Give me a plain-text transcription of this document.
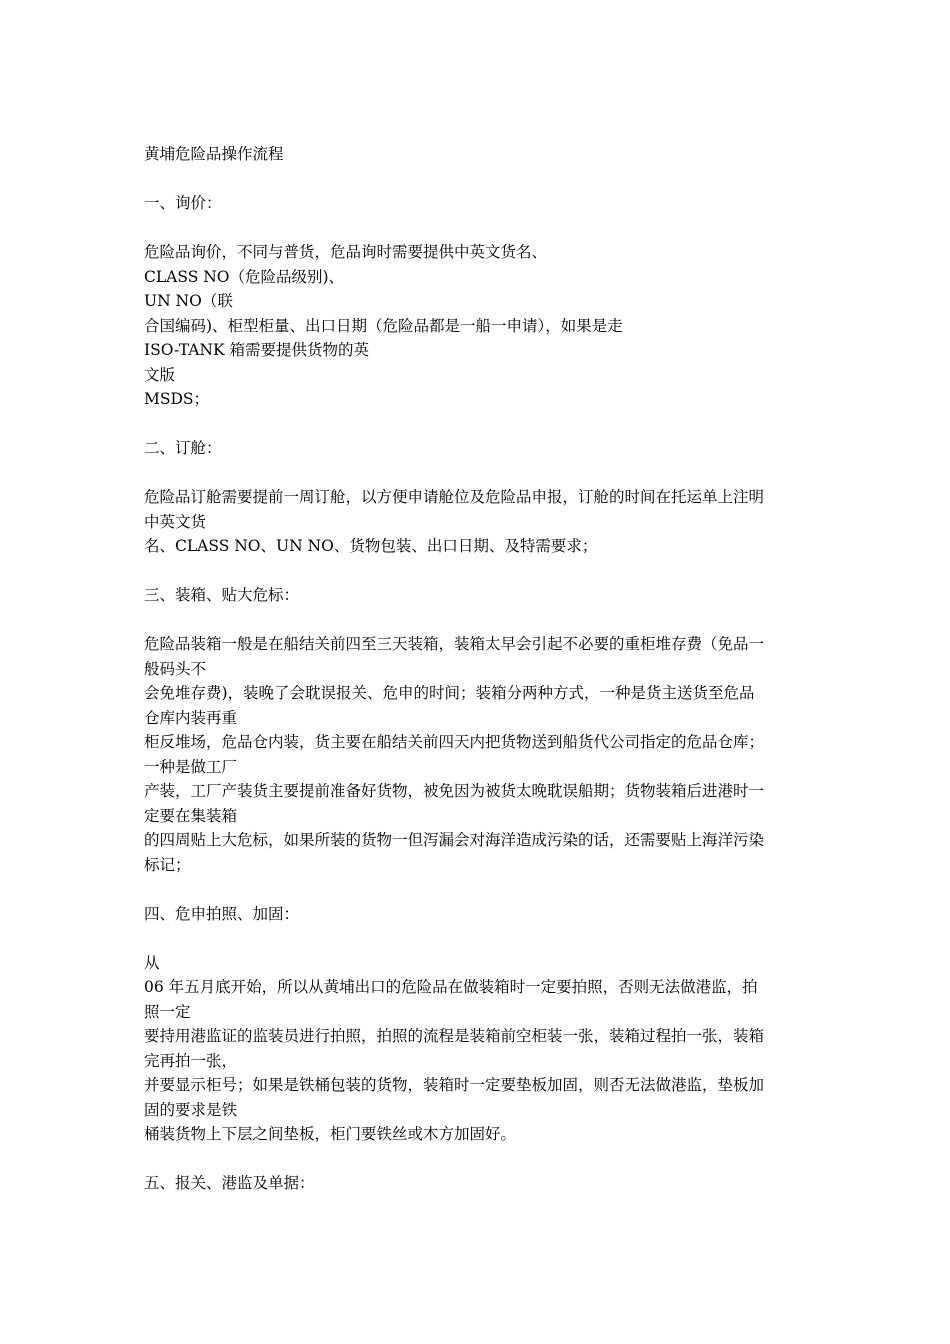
黄埔危险品操作流程
一、询价：
危险品询价，不同与普货，危品询时需要提供中英文货名、
CLASS NO（危险品级别)、
UN NO（联
合国编码)、柜型柜量、出口日期（危险品都是一船一申请），如果是走
ISO-TANK 箱需要提供货物的英
文版
MSDS；
二、订舱：
危险品订舱需要提前一周订舱，以方便申请舱位及危险品申报，订舱的时间在托运单上注明
中英文货
名、CLASS NO、UN NO、货物包装、出口日期、及特需要求；
三、装箱、贴大危标：
危险品装箱一般是在船结关前四至三天装箱，装箱太早会引起不必要的重柜堆存费（免品一
般码头不
会免堆存费)，装晚了会耽误报关、危申的时间；装箱分两种方式，一种是货主送货至危品
仓库内装再重
柜反堆场，危品仓内装，货主要在船结关前四天内把货物送到船货代公司指定的危品仓库；
一种是做工厂
产装，工厂产装货主要提前准备好货物，被免因为被货太晚耽误船期；货物装箱后进港时一
定要在集装箱
的四周贴上大危标，如果所装的货物一但泻漏会对海洋造成污染的话，还需要贴上海洋污染
标记；
四、危申拍照、加固：
从
06 年五月底开始，所以从黄埔出口的危险品在做装箱时一定要拍照，否则无法做港监，拍
照一定
要持用港监证的监装员进行拍照，拍照的流程是装箱前空柜装一张，装箱过程拍一张，装箱
完再拍一张，
并要显示柜号；如果是铁桶包装的货物，装箱时一定要垫板加固，则否无法做港监，垫板加
固的要求是铁
桶装货物上下层之间垫板，柜门要铁丝或木方加固好。
五、报关、港监及单据：
